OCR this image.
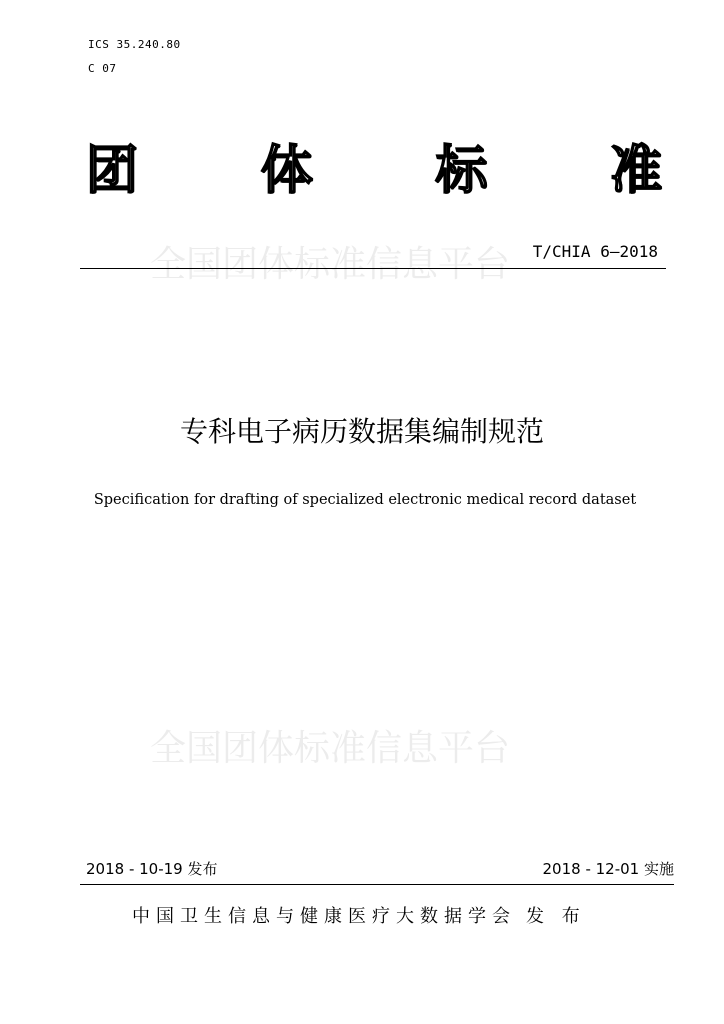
ICS 35.240.80
C 07
团 体 标 准
全国团体标准信息平台 T/CHIA 6—2018
专科电子病历数据集编制规范
Specification for drafting of specialized electronic medical record dataset
全国团体标准信息平台
2018 - 10-19 发布	2018 - 12-01 实施
中国卫生信息与健康医疗大数据学会 发 布
